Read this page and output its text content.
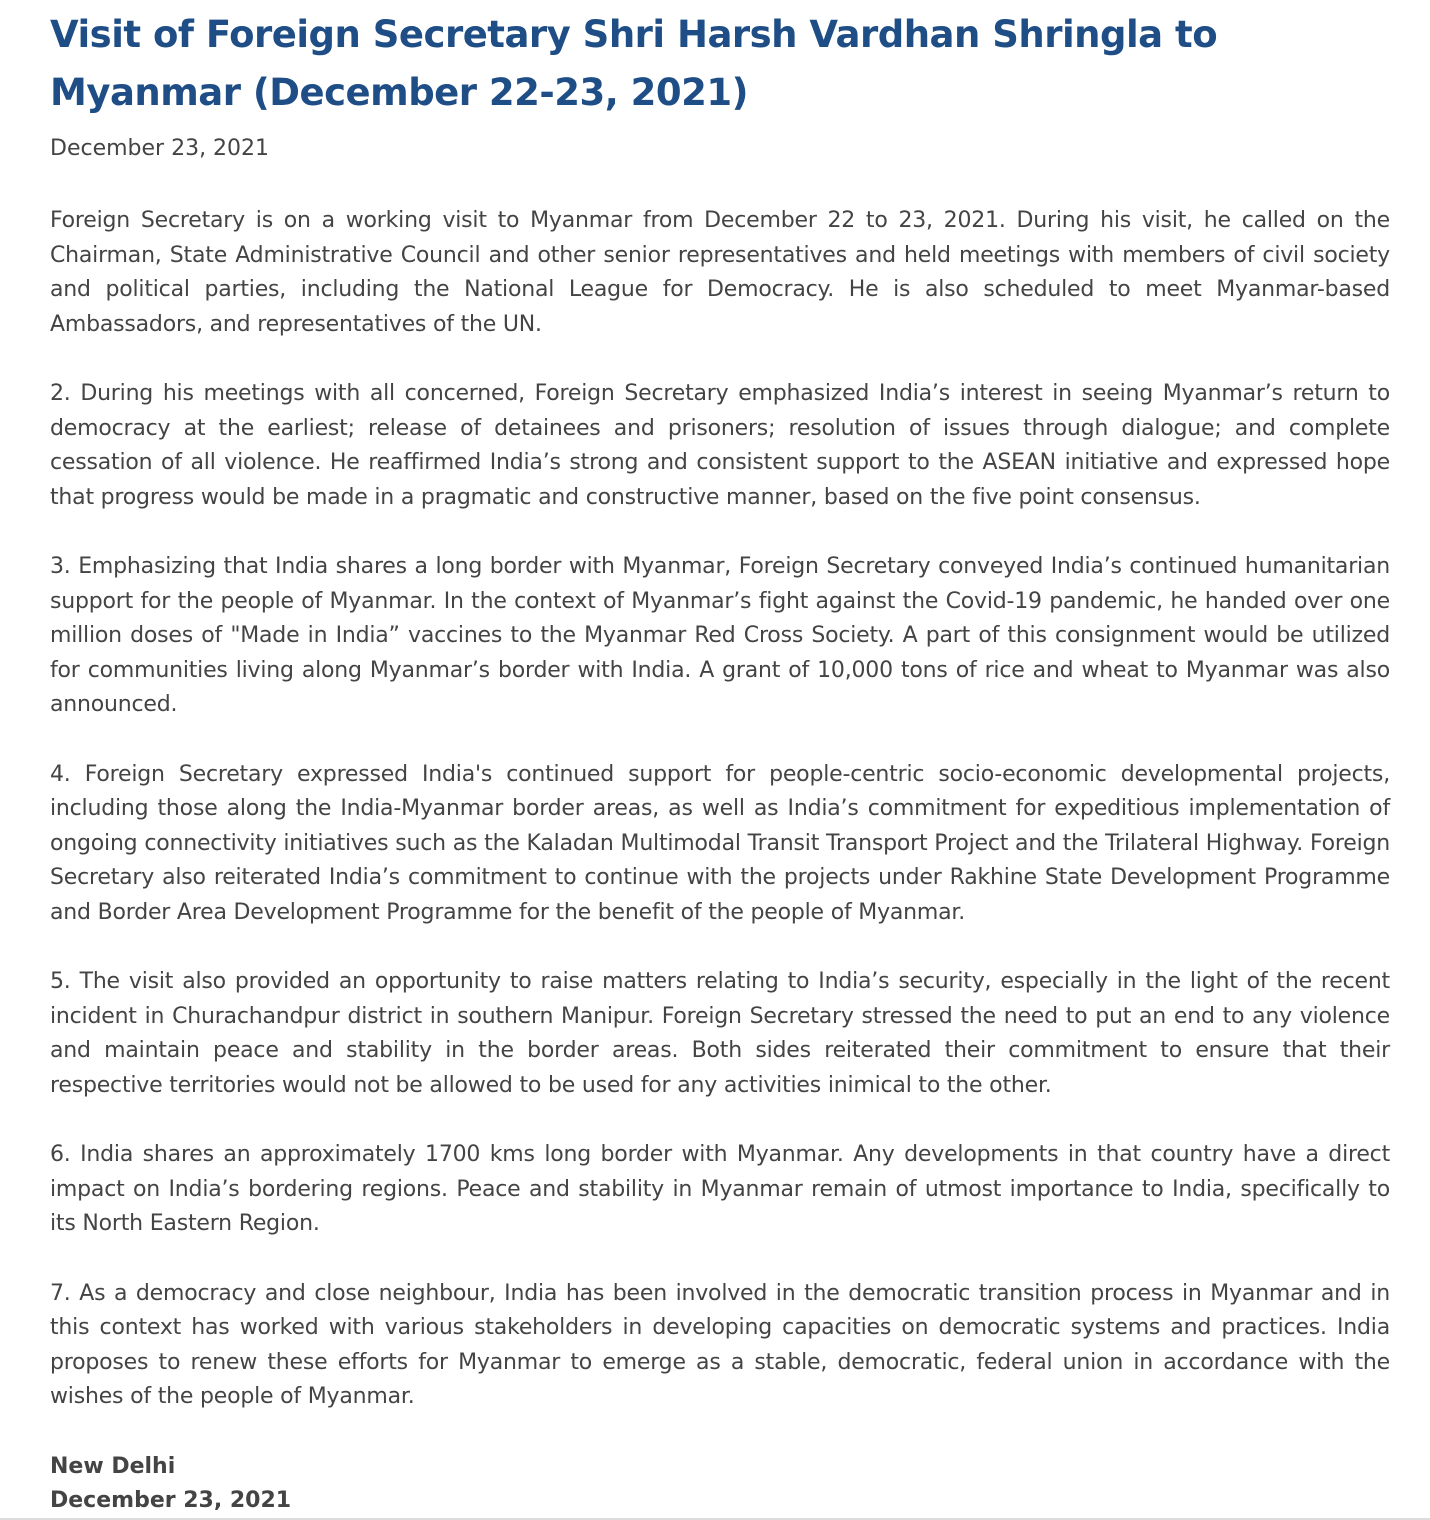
Visit of Foreign Secretary Shri Harsh Vardhan Shringla to Myanmar (December 22-23, 2021)
December 23, 2021

Foreign Secretary is on a working visit to Myanmar from December 22 to 23, 2021. During his visit, he called on the Chairman, State Administrative Council and other senior representatives and held meetings with members of civil society and political parties, including the National League for Democracy. He is also scheduled to meet Myanmar-based Ambassadors, and representatives of the UN.

2. During his meetings with all concerned, Foreign Secretary emphasized India’s interest in seeing Myanmar’s return to democracy at the earliest; release of detainees and prisoners; resolution of issues through dialogue; and complete cessation of all violence. He reaffirmed India’s strong and consistent support to the ASEAN initiative and expressed hope that progress would be made in a pragmatic and constructive manner, based on the five point consensus.

3. Emphasizing that India shares a long border with Myanmar, Foreign Secretary conveyed India’s continued humanitarian support for the people of Myanmar. In the context of Myanmar’s fight against the Covid-19 pandemic, he handed over one million doses of "Made in India” vaccines to the Myanmar Red Cross Society. A part of this consignment would be utilized for communities living along Myanmar’s border with India. A grant of 10,000 tons of rice and wheat to Myanmar was also announced.

4. Foreign Secretary expressed India's continued support for people-centric socio-economic developmental projects, including those along the India-Myanmar border areas, as well as India’s commitment for expeditious implementation of ongoing connectivity initiatives such as the Kaladan Multimodal Transit Transport Project and the Trilateral Highway. Foreign Secretary also reiterated India’s commitment to continue with the projects under Rakhine State Development Programme and Border Area Development Programme for the benefit of the people of Myanmar.

5. The visit also provided an opportunity to raise matters relating to India’s security, especially in the light of the recent incident in Churachandpur district in southern Manipur. Foreign Secretary stressed the need to put an end to any violence and maintain peace and stability in the border areas. Both sides reiterated their commitment to ensure that their respective territories would not be allowed to be used for any activities inimical to the other.

6. India shares an approximately 1700 kms long border with Myanmar. Any developments in that country have a direct impact on India’s bordering regions. Peace and stability in Myanmar remain of utmost importance to India, specifically to its North Eastern Region.

7. As a democracy and close neighbour, India has been involved in the democratic transition process in Myanmar and in this context has worked with various stakeholders in developing capacities on democratic systems and practices. India proposes to renew these efforts for Myanmar to emerge as a stable, democratic, federal union in accordance with the wishes of the people of Myanmar.

New Delhi
December 23, 2021
